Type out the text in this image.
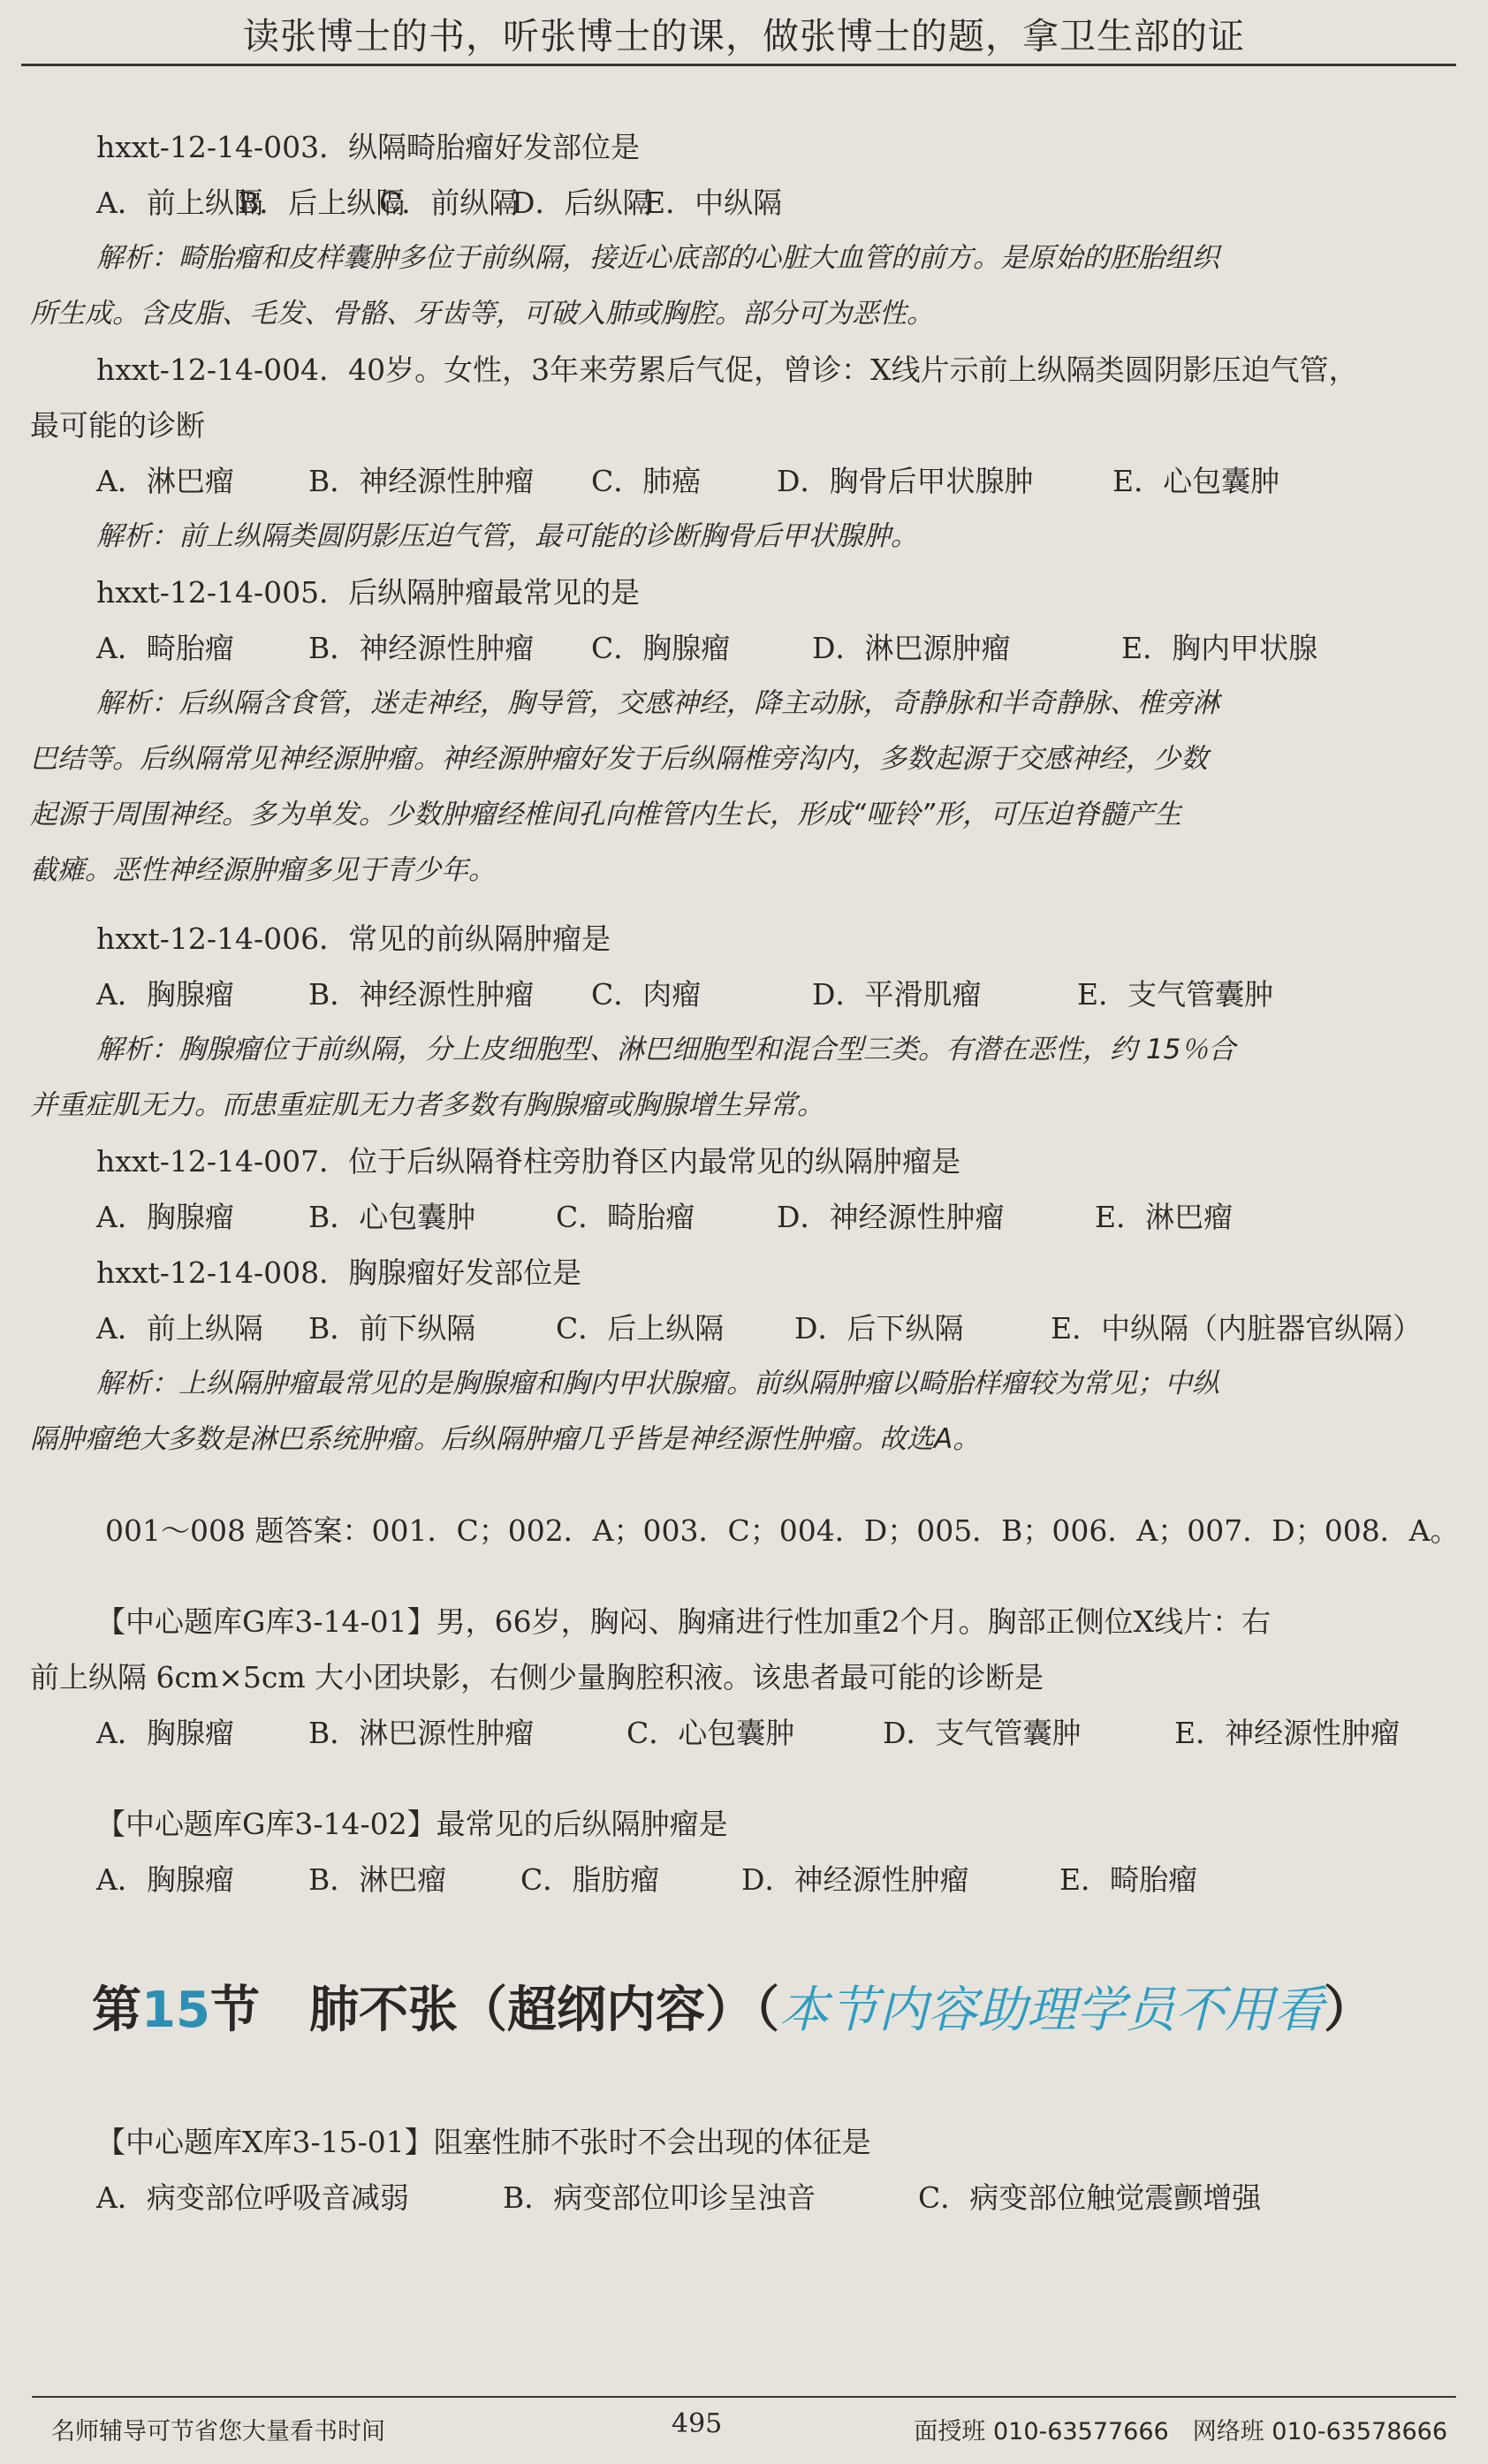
读张博士的书，听张博士的课，做张博士的题，拿卫生部的证

hxxt-12-14-003．纵隔畸胎瘤好发部位是

A．前上纵隔
B．后上纵隔
C．前纵隔
D．后纵隔
E．中纵隔

解析：畸胎瘤和皮样囊肿多位于前纵隔，接近心底部的心脏大血管的前方。是原始的胚胎组织

所生成。含皮脂、毛发、骨骼、牙齿等，可破入肺或胸腔。部分可为恶性。

hxxt-12-14-004．40岁。女性，3年来劳累后气促，曾诊：X线片示前上纵隔类圆阴影压迫气管，

最可能的诊断

A．淋巴瘤	B．神经源性肿瘤	C．肺癌	D．胸骨后甲状腺肿	E．心包囊肿

解析：前上纵隔类圆阴影压迫气管，最可能的诊断胸骨后甲状腺肿。

hxxt-12-14-005．后纵隔肿瘤最常见的是

A．畸胎瘤	B．神经源性肿瘤	C．胸腺瘤	D．淋巴源肿瘤	E．胸内甲状腺

解析：后纵隔含食管，迷走神经，胸导管，交感神经，降主动脉，奇静脉和半奇静脉、椎旁淋

巴结等。后纵隔常见神经源肿瘤。神经源肿瘤好发于后纵隔椎旁沟内，多数起源于交感神经，少数

起源于周围神经。多为单发。少数肿瘤经椎间孔向椎管内生长，形成“哑铃”形，可压迫脊髓产生

截瘫。恶性神经源肿瘤多见于青少年。

hxxt-12-14-006．常见的前纵隔肿瘤是

A．胸腺瘤	B．神经源性肿瘤	C．肉瘤	D．平滑肌瘤	E．支气管囊肿

解析：胸腺瘤位于前纵隔，分上皮细胞型、淋巴细胞型和混合型三类。有潜在恶性，约 15％合

并重症肌无力。而患重症肌无力者多数有胸腺瘤或胸腺增生异常。

hxxt-12-14-007．位于后纵隔脊柱旁肋脊区内最常见的纵隔肿瘤是

A．胸腺瘤	B．心包囊肿	C．畸胎瘤	D．神经源性肿瘤	E．淋巴瘤

hxxt-12-14-008．胸腺瘤好发部位是

A．前上纵隔	B．前下纵隔	C．后上纵隔	D．后下纵隔	E．中纵隔（内脏器官纵隔）

解析：上纵隔肿瘤最常见的是胸腺瘤和胸内甲状腺瘤。前纵隔肿瘤以畸胎样瘤较为常见；中纵

隔肿瘤绝大多数是淋巴系统肿瘤。后纵隔肿瘤几乎皆是神经源性肿瘤。故选A。

001～008 题答案：001．C；002．A；003．C；004．D；005．B；006．A；007．D；008．A。

【中心题库G库3-14-01】男，66岁，胸闷、胸痛进行性加重2个月。胸部正侧位X线片：右

前上纵隔 6cm×5cm 大小团块影，右侧少量胸腔积液。该患者最可能的诊断是

A．胸腺瘤	B．淋巴源性肿瘤	C．心包囊肿	D．支气管囊肿	E．神经源性肿瘤

【中心题库G库3-14-02】最常见的后纵隔肿瘤是

A．胸腺瘤	B．淋巴瘤	C．脂肪瘤	D．神经源性肿瘤	E．畸胎瘤

第15节　肺不张（超纲内容）（本节内容助理学员不用看）

【中心题库X库3-15-01】阻塞性肺不张时不会出现的体征是

A．病变部位呼吸音减弱	B．病变部位叩诊呈浊音	C．病变部位触觉震颤增强
名师辅导可节省您大量看书时间	495	面授班 010-63577666　网络班 010-63578666
